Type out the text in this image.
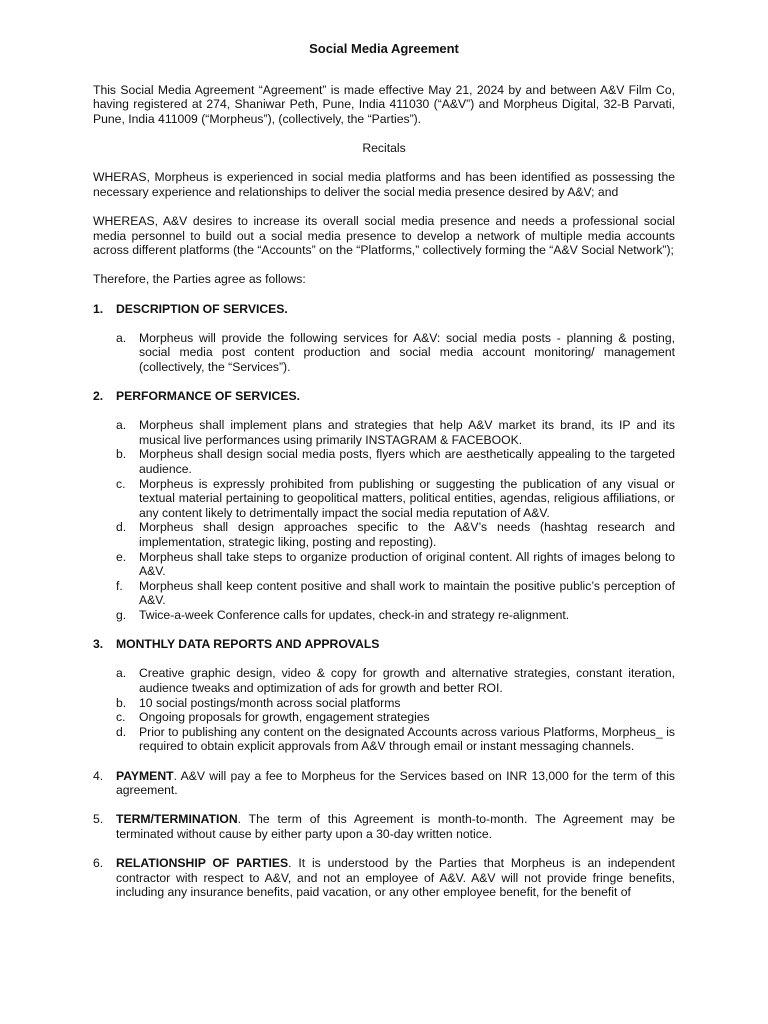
Social Media Agreement
This Social Media Agreement “Agreement” is made effective May 21, 2024 by and between A&V Film Co, having registered at 274, Shaniwar Peth, Pune, India 411030 (“A&V”) and Morpheus Digital, 32-B Parvati, Pune, India 411009 (“Morpheus”), (collectively, the “Parties”).
Recitals
WHERAS, Morpheus is experienced in social media platforms and has been identified as possessing the necessary experience and relationships to deliver the social media presence desired by A&V; and
WHEREAS, A&V desires to increase its overall social media presence and needs a professional social media personnel to build out a social media presence to develop a network of multiple media accounts across different platforms (the “Accounts” on the “Platforms,” collectively forming the “A&V Social Network”);
Therefore, the Parties agree as follows:
1.	DESCRIPTION OF SERVICES.
a.	Morpheus will provide the following services for A&V: social media posts - planning & posting, social media post content production and social media account monitoring/ management (collectively, the “Services”).
2.	PERFORMANCE OF SERVICES.
a.	Morpheus shall implement plans and strategies that help A&V market its brand, its IP and its musical live performances using primarily INSTAGRAM & FACEBOOK.
b.	Morpheus shall design social media posts, flyers which are aesthetically appealing to the targeted audience.
c.	Morpheus is expressly prohibited from publishing or suggesting the publication of any visual or textual material pertaining to geopolitical matters, political entities, agendas, religious affiliations, or any content likely to detrimentally impact the social media reputation of A&V.
d.	Morpheus shall design approaches specific to the A&V’s needs (hashtag research and implementation, strategic liking, posting and reposting).
e.	Morpheus shall take steps to organize production of original content. All rights of images belong to A&V.
f.	Morpheus shall keep content positive and shall work to maintain the positive public’s perception of A&V.
g.	Twice-a-week Conference calls for updates, check-in and strategy re-alignment.
3.	MONTHLY DATA REPORTS AND APPROVALS
a.	Creative graphic design, video & copy for growth and alternative strategies, constant iteration, audience tweaks and optimization of ads for growth and better ROI.
b.	10 social postings/month across social platforms
c.	Ongoing proposals for growth, engagement strategies
d.	Prior to publishing any content on the designated Accounts across various Platforms, Morpheus_ is required to obtain explicit approvals from A&V through email or instant messaging channels.
4.	PAYMENT. A&V will pay a fee to Morpheus for the Services based on INR 13,000 for the term of this agreement.
5.	TERM/TERMINATION. The term of this Agreement is month-to-month. The Agreement may be terminated without cause by either party upon a 30-day written notice.
6.	RELATIONSHIP OF PARTIES. It is understood by the Parties that Morpheus is an independent contractor with respect to A&V, and not an employee of A&V. A&V will not provide fringe benefits, including any insurance benefits, paid vacation, or any other employee benefit, for the benefit of
